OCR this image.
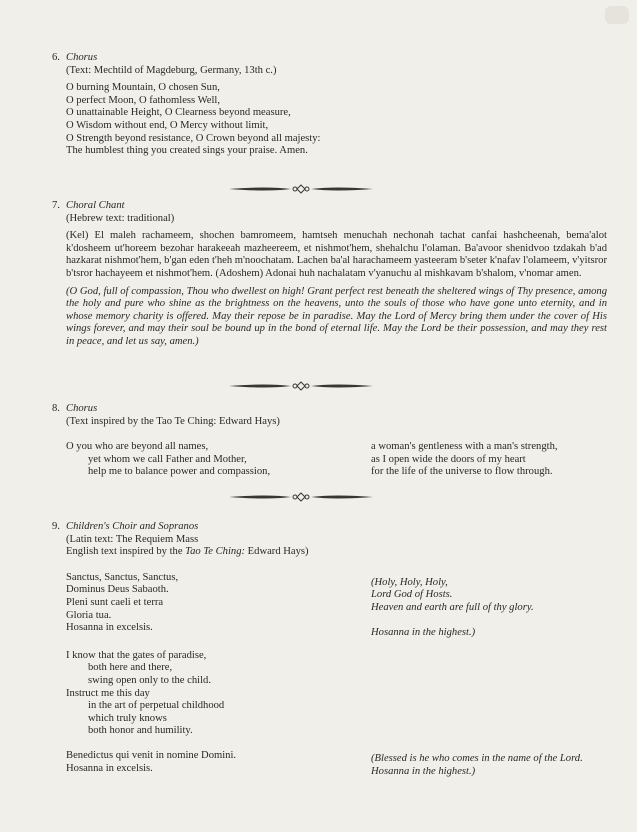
6. Chorus
(Text: Mechtild of Magdeburg, Germany, 13th c.)
O burning Mountain, O chosen Sun,
O perfect Moon, O fathomless Well,
O unattainable Height, O Clearness beyond measure,
O Wisdom without end, O Mercy without limit,
O Strength beyond resistance, O Crown beyond all majesty:
The humblest thing you created sings your praise. Amen.
7. Choral Chant
(Hebrew text: traditional)
(Kel) El maleh rachameem, shochen bamromeem, hamtseh menuchah nechonah tachat canfai hashcheenah, bema'alot k'dosheem ut'horeem bezohar harakeeah mazheereem, et nishmot'hem, shehalchu l'olaman. Ba'avoor shenidvoo tzdakah b'ad hazkarat nishmot'hem, b'gan eden t'heh m'noochatam. Lachen ba'al harachameem yasteeram b'seter k'nafav l'olameem, v'yitsror b'tsror hachayeem et nishmot'hem. (Adoshem) Adonai huh nachalatam v'yanuchu al mishkavam b'shalom, v'nomar amen.
(O God, full of compassion, Thou who dwellest on high! Grant perfect rest beneath the sheltered wings of Thy presence, among the holy and pure who shine as the brightness on the heavens, unto the souls of those who have gone unto eternity, and in whose memory charity is offered. May their repose be in paradise. May the Lord of Mercy bring them under the cover of His wings forever, and may their soul be bound up in the bond of eternal life. May the Lord be their possession, and may they rest in peace, and let us say, amen.)
8. Chorus
(Text inspired by the Tao Te Ching: Edward Hays)
O you who are beyond all names,
yet whom we call Father and Mother,
help me to balance power and compassion,
a woman's gentleness with a man's strength,
as I open wide the doors of my heart
for the life of the universe to flow through.
9. Children's Choir and Sopranos
(Latin text: The Requiem Mass
English text inspired by the Tao Te Ching: Edward Hays)
Sanctus, Sanctus, Sanctus,
Dominus Deus Sabaoth.
Pleni sunt caeli et terra
Gloria tua.
Hosanna in excelsis.
(Holy, Holy, Holy,
Lord God of Hosts.
Heaven and earth are full of thy glory.
Hosanna in the highest.)
I know that the gates of paradise,
both here and there,
swing open only to the child.
Instruct me this day
in the art of perpetual childhood
which truly knows
both honor and humility.
Benedictus qui venit in nomine Domini.
Hosanna in excelsis.
(Blessed is he who comes in the name of the Lord.
Hosanna in the highest.)
